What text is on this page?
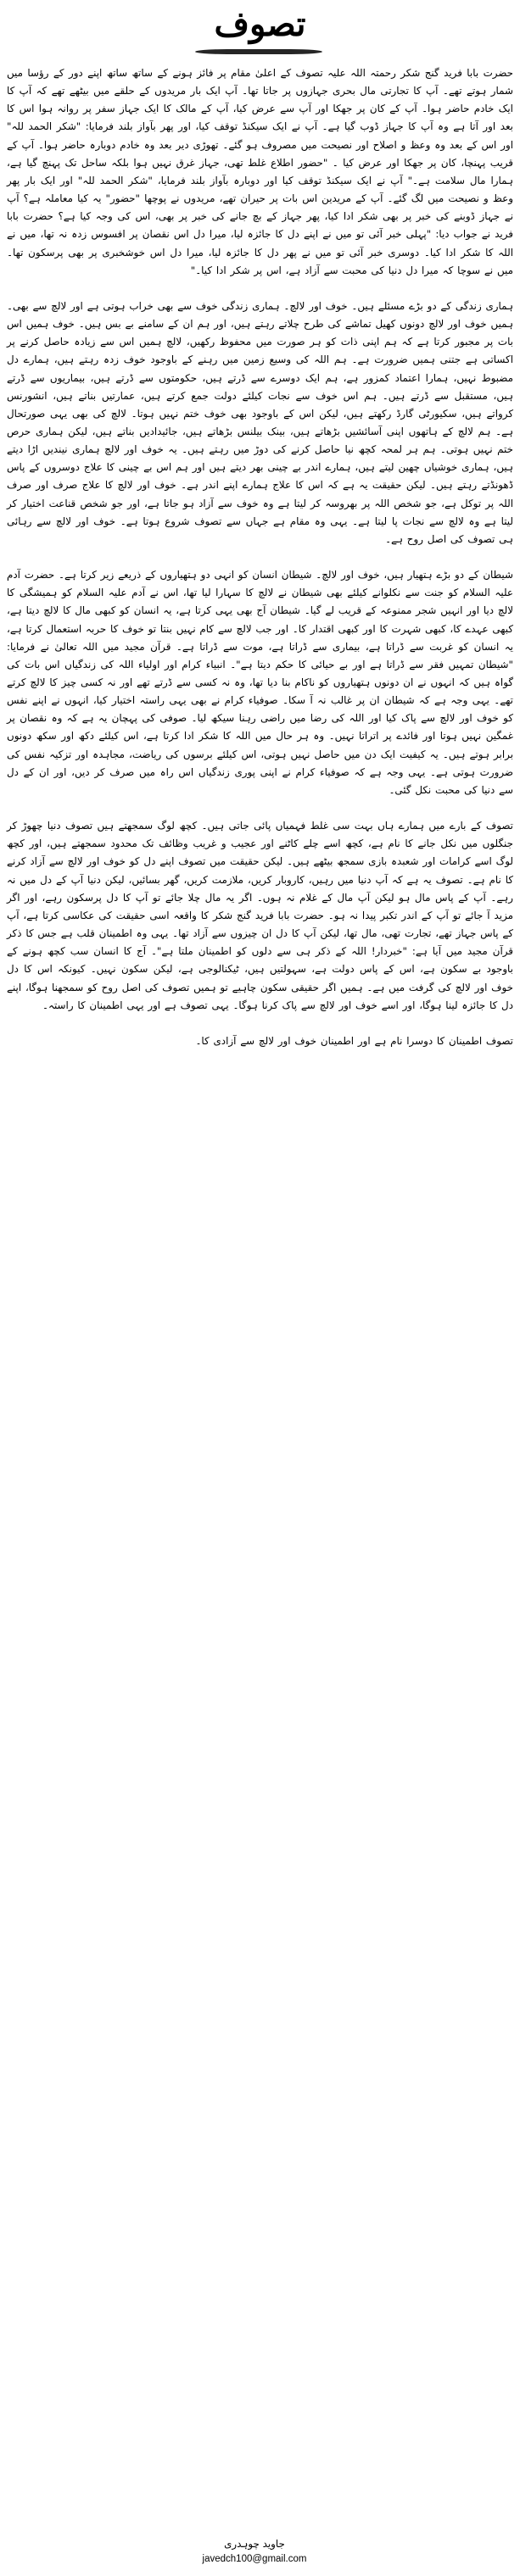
تصوف

حضرت بابا فرید گنج شکر رحمتہ اللہ علیہ تصوف کے اعلیٰ مقام پر فائز ہونے کے ساتھ ساتھ اپنے دور کے رؤسا میں شمار ہوتے تھے۔ آپ کا تجارتی مال بحری جہازوں پر جاتا تھا۔ آپ ایک بار مریدوں کے حلقے میں بیٹھے تھے کہ آپ کا ایک خادم حاضر ہوا۔ آپ کے کان پر جھکا اور آپ سے عرض کیا، آپ کے مالک کا ایک جہاز سفر پر روانہ ہوا اس کا بعد اور آتا ہے وہ آپ کا جہاز ڈوب گیا ہے۔ آپ نے ایک سیکنڈ توقف کیا، اور پھر بآواز بلند فرمایا: "شکر الحمد للہ" اور اس کے بعد وہ وعظ و اصلاح اور نصیحت میں مصروف ہو گئے۔ تھوڑی دیر بعد وہ خادم دوبارہ حاضر ہوا۔ آپ کے قریب پہنچا، کان پر جھکا اور عرض کیا ۔ "حضور اطلاع غلط تھی، جہاز غرق نہیں ہوا بلکہ ساحل تک پہنچ گیا ہے، ہمارا مال سلامت ہے۔" آپ نے ایک سیکنڈ توقف کیا اور دوبارہ بآواز بلند فرمایا، "شکر الحمد للہ" اور ایک بار پھر وعظ و نصیحت میں لگ گئے۔ آپ کے مریدین اس بات پر حیران تھے، مریدوں نے پوچھا "حضور" یہ کیا معاملہ ہے؟ آپ نے جہاز ڈوبنے کی خبر پر بھی شکر ادا کیا، پھر جہاز کے بچ جانے کی خبر پر بھی، اس کی وجہ کیا ہے؟ حضرت بابا فرید نے جواب دیا: "پہلی خبر آئی تو میں نے اپنے دل کا جائزہ لیا، میرا دل اس نقصان پر افسوس زدہ نہ تھا، میں نے اللہ کا شکر ادا کیا۔ دوسری خبر آئی تو میں نے پھر دل کا جائزہ لیا، میرا دل اس خوشخبری پر بھی پرسکون تھا۔ میں نے سوچا کہ میرا دل دنیا کی محبت سے آزاد ہے، اس پر شکر ادا کیا۔"

ہماری زندگی کے دو بڑے مسئلے ہیں۔ خوف اور لالچ۔ ہماری زندگی خوف سے بھی خراب ہوتی ہے اور لالچ سے بھی۔ ہمیں خوف اور لالچ دونوں کھیل تماشے کی طرح چلاتے رہتے ہیں، اور ہم ان کے سامنے بے بس ہیں۔ خوف ہمیں اس بات پر مجبور کرتا ہے کہ ہم اپنی ذات کو ہر صورت میں محفوظ رکھیں، لالچ ہمیں اس سے زیادہ حاصل کرنے پر اکساتی ہے جتنی ہمیں ضرورت ہے۔ ہم اللہ کی وسیع زمین میں رہنے کے باوجود خوف زدہ رہتے ہیں، ہمارے دل مضبوط نہیں، ہمارا اعتماد کمزور ہے، ہم ایک دوسرے سے ڈرتے ہیں، حکومتوں سے ڈرتے ہیں، بیماریوں سے ڈرتے ہیں، مستقبل سے ڈرتے ہیں۔ ہم اس خوف سے نجات کیلئے دولت جمع کرتے ہیں، عمارتیں بناتے ہیں، انشورنس کرواتے ہیں، سکیورٹی گارڈ رکھتے ہیں، لیکن اس کے باوجود بھی خوف ختم نہیں ہوتا۔ لالچ کی بھی یہی صورتحال ہے۔ ہم لالچ کے ہاتھوں اپنی آسائشیں بڑھاتے ہیں، بینک بیلنس بڑھاتے ہیں، جائیدادیں بناتے ہیں، لیکن ہماری حرص ختم نہیں ہوتی۔ ہم ہر لمحہ کچھ نیا حاصل کرنے کی دوڑ میں رہتے ہیں۔ یہ خوف اور لالچ ہماری نیندیں اڑا دیتے ہیں، ہماری خوشیاں چھین لیتے ہیں، ہمارے اندر بے چینی بھر دیتے ہیں اور ہم اس بے چینی کا علاج دوسروں کے پاس ڈھونڈتے رہتے ہیں۔ لیکن حقیقت یہ ہے کہ اس کا علاج ہمارے اپنے اندر ہے۔ خوف اور لالچ کا علاج صرف اور صرف اللہ پر توکل ہے، جو شخص اللہ پر بھروسہ کر لیتا ہے وہ خوف سے آزاد ہو جاتا ہے، اور جو شخص قناعت اختیار کر لیتا ہے وہ لالچ سے نجات پا لیتا ہے۔ یہی وہ مقام ہے جہاں سے تصوف شروع ہوتا ہے۔ خوف اور لالچ سے رہائی ہی تصوف کی اصل روح ہے۔

شیطان کے دو بڑے ہتھیار ہیں، خوف اور لالچ۔ شیطان انسان کو انہی دو ہتھیاروں کے ذریعے زیر کرتا ہے۔ حضرت آدم علیہ السلام کو جنت سے نکلوانے کیلئے بھی شیطان نے لالچ کا سہارا لیا تھا، اس نے آدم علیہ السلام کو ہمیشگی کا لالچ دیا اور انہیں شجر ممنوعہ کے قریب لے گیا۔ شیطان آج بھی یہی کرتا ہے، یہ انسان کو کبھی مال کا لالچ دیتا ہے، کبھی عہدے کا، کبھی شہرت کا اور کبھی اقتدار کا۔ اور جب لالچ سے کام نہیں بنتا تو خوف کا حربہ استعمال کرتا ہے، یہ انسان کو غربت سے ڈراتا ہے، بیماری سے ڈراتا ہے، موت سے ڈراتا ہے۔ قرآن مجید میں اللہ تعالیٰ نے فرمایا: "شیطان تمہیں فقر سے ڈراتا ہے اور بے حیائی کا حکم دیتا ہے"۔ انبیاء کرام اور اولیاء اللہ کی زندگیاں اس بات کی گواہ ہیں کہ انہوں نے ان دونوں ہتھیاروں کو ناکام بنا دیا تھا، وہ نہ کسی سے ڈرتے تھے اور نہ کسی چیز کا لالچ کرتے تھے۔ یہی وجہ ہے کہ شیطان ان پر غالب نہ آ سکا۔ صوفیاء کرام نے بھی یہی راستہ اختیار کیا، انہوں نے اپنے نفس کو خوف اور لالچ سے پاک کیا اور اللہ کی رضا میں راضی رہنا سیکھ لیا۔ صوفی کی پہچان یہ ہے کہ وہ نقصان پر غمگین نہیں ہوتا اور فائدے پر اتراتا نہیں۔ وہ ہر حال میں اللہ کا شکر ادا کرتا ہے، اس کیلئے دکھ اور سکھ دونوں برابر ہوتے ہیں۔ یہ کیفیت ایک دن میں حاصل نہیں ہوتی، اس کیلئے برسوں کی ریاضت، مجاہدہ اور تزکیہ نفس کی ضرورت ہوتی ہے۔ یہی وجہ ہے کہ صوفیاء کرام نے اپنی پوری زندگیاں اس راہ میں صرف کر دیں، اور ان کے دل سے دنیا کی محبت نکل گئی۔

تصوف کے بارے میں ہمارے ہاں بہت سی غلط فہمیاں پائی جاتی ہیں۔ کچھ لوگ سمجھتے ہیں تصوف دنیا چھوڑ کر جنگلوں میں نکل جانے کا نام ہے، کچھ اسے چلے کاٹنے اور عجیب و غریب وظائف تک محدود سمجھتے ہیں، اور کچھ لوگ اسے کرامات اور شعبدہ بازی سمجھ بیٹھے ہیں۔ لیکن حقیقت میں تصوف اپنے دل کو خوف اور لالچ سے آزاد کرنے کا نام ہے۔ تصوف یہ ہے کہ آپ دنیا میں رہیں، کاروبار کریں، ملازمت کریں، گھر بسائیں، لیکن دنیا آپ کے دل میں نہ رہے۔ آپ کے پاس مال ہو لیکن آپ مال کے غلام نہ ہوں۔ اگر یہ مال چلا جائے تو آپ کا دل پرسکون رہے، اور اگر مزید آ جائے تو آپ کے اندر تکبر پیدا نہ ہو۔ حضرت بابا فرید گنج شکر کا واقعہ اسی حقیقت کی عکاسی کرتا ہے، آپ کے پاس جہاز تھے، تجارت تھی، مال تھا، لیکن آپ کا دل ان چیزوں سے آزاد تھا۔ یہی وہ اطمینان قلب ہے جس کا ذکر قرآن مجید میں آیا ہے: "خبردار! اللہ کے ذکر ہی سے دلوں کو اطمینان ملتا ہے"۔ آج کا انسان سب کچھ ہونے کے باوجود بے سکون ہے، اس کے پاس دولت ہے، سہولتیں ہیں، ٹیکنالوجی ہے، لیکن سکون نہیں۔ کیونکہ اس کا دل خوف اور لالچ کی گرفت میں ہے۔ ہمیں اگر حقیقی سکون چاہیے تو ہمیں تصوف کی اصل روح کو سمجھنا ہوگا، اپنے دل کا جائزہ لینا ہوگا، اور اسے خوف اور لالچ سے پاک کرنا ہوگا۔ یہی تصوف ہے اور یہی اطمینان کا راستہ۔

تصوف اطمینان کا دوسرا نام ہے اور اطمینان خوف اور لالچ سے آزادی کا۔

جاوید چوہدری
javedch100@gmail.com
